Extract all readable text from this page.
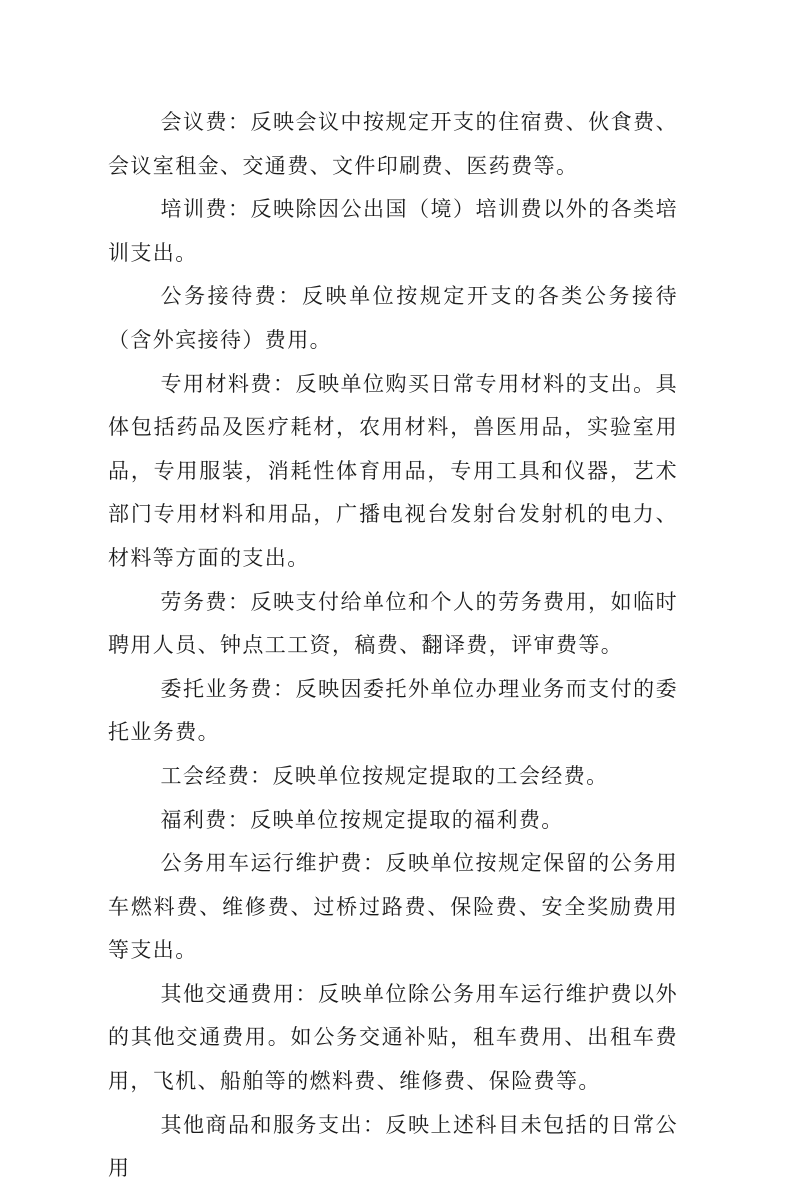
会议费：反映会议中按规定开支的住宿费、伙食费、会议室租金、交通费、文件印刷费、医药费等。

培训费：反映除因公出国（境）培训费以外的各类培训支出。

公务接待费：反映单位按规定开支的各类公务接待（含外宾接待）费用。

专用材料费：反映单位购买日常专用材料的支出。具体包括药品及医疗耗材，农用材料，兽医用品，实验室用品，专用服装，消耗性体育用品，专用工具和仪器，艺术部门专用材料和用品，广播电视台发射台发射机的电力、材料等方面的支出。

劳务费：反映支付给单位和个人的劳务费用，如临时聘用人员、钟点工工资，稿费、翻译费，评审费等。

委托业务费：反映因委托外单位办理业务而支付的委托业务费。

工会经费：反映单位按规定提取的工会经费。

福利费：反映单位按规定提取的福利费。

公务用车运行维护费：反映单位按规定保留的公务用车燃料费、维修费、过桥过路费、保险费、安全奖励费用等支出。

其他交通费用：反映单位除公务用车运行维护费以外的其他交通费用。如公务交通补贴，租车费用、出租车费用，飞机、船舶等的燃料费、维修费、保险费等。

其他商品和服务支出：反映上述科目未包括的日常公用
